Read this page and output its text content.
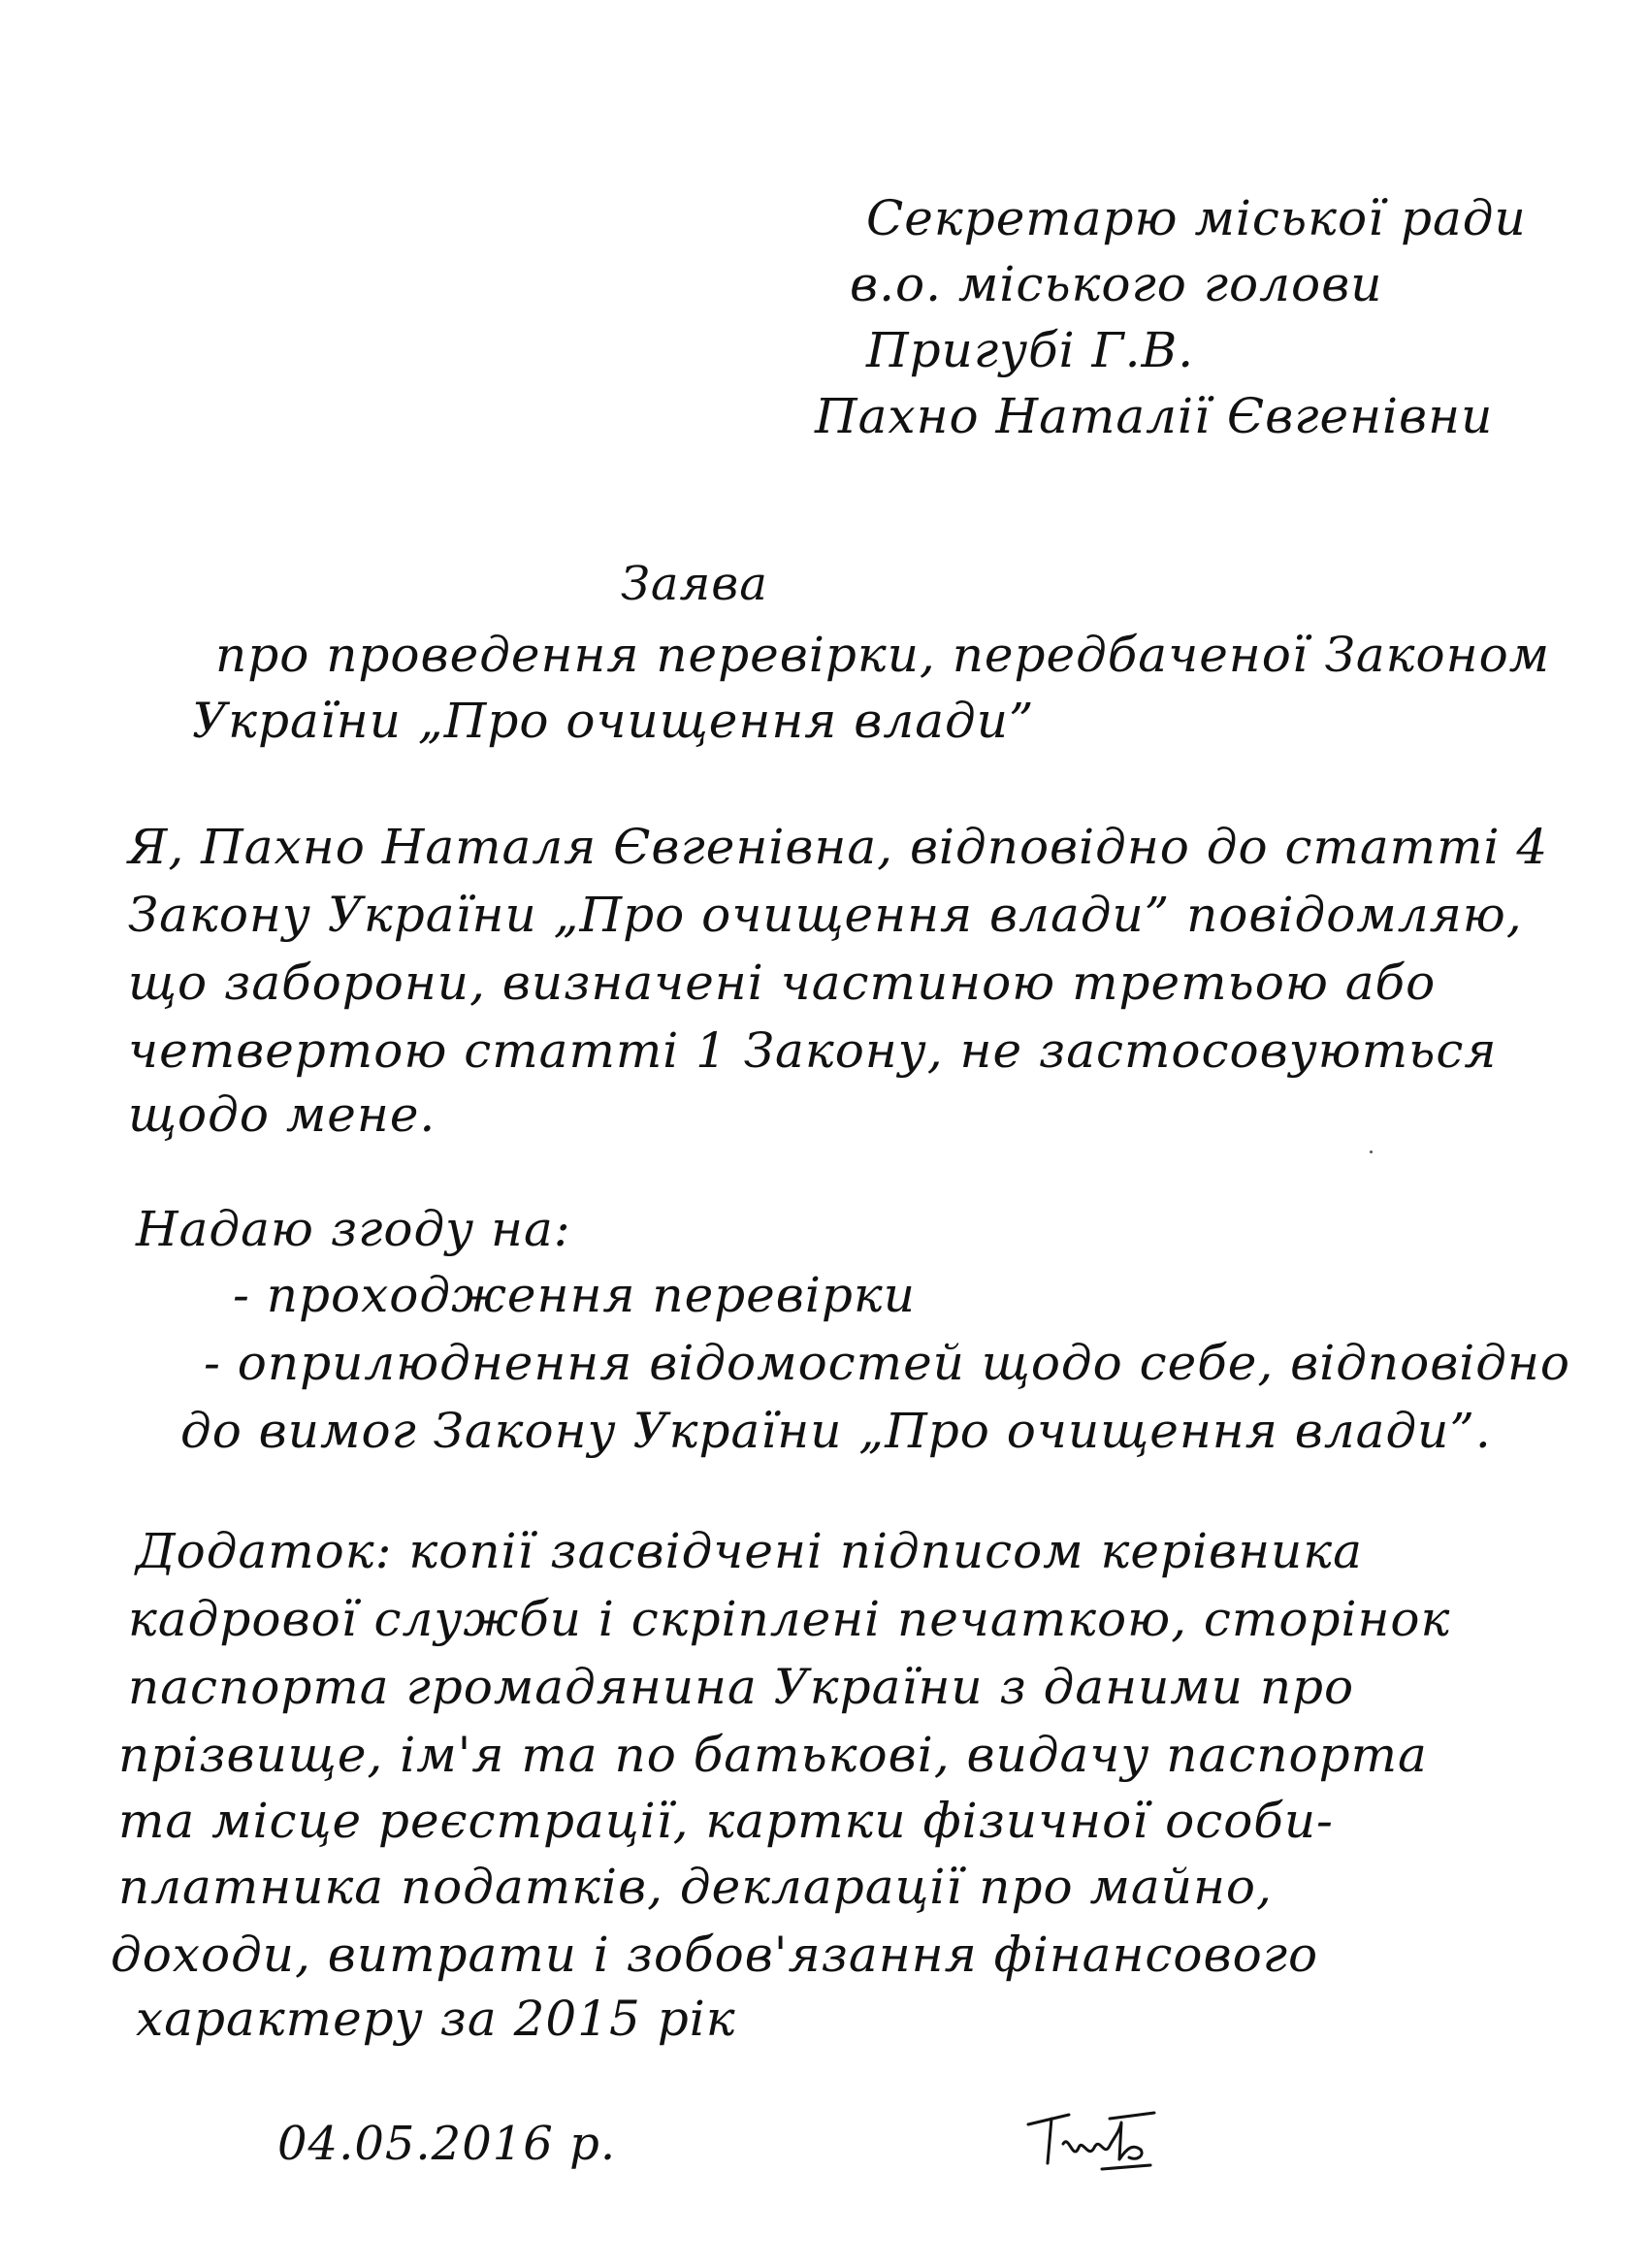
Секретарю міської ради
в.о. міського голови
Пригубі Г.В.
Пахно Наталії Євгенівни
Заява
про проведення перевірки, передбаченої Законом
України „Про очищення влади”
Я, Пахно Наталя Євгенівна, відповідно до статті 4
Закону України „Про очищення влади” повідомляю,
що заборони, визначені частиною третьою або
четвертою статті 1 Закону, не застосовуються
щодо мене.
Надаю згоду на:
- проходження перевірки
- оприлюднення відомостей щодо себе, відповідно
до вимог Закону України „Про очищення влади”.
Додаток: копії засвідчені підписом керівника
кадрової служби і скріплені печаткою, сторінок
паспорта громадянина України з даними про
прізвище, ім'я та по батькові, видачу паспорта
та місце реєстрації, картки фізичної особи-
платника податків, декларації про майно,
доходи, витрати і зобов'язання фінансового
характеру за 2015 рік
04.05.2016 р.
